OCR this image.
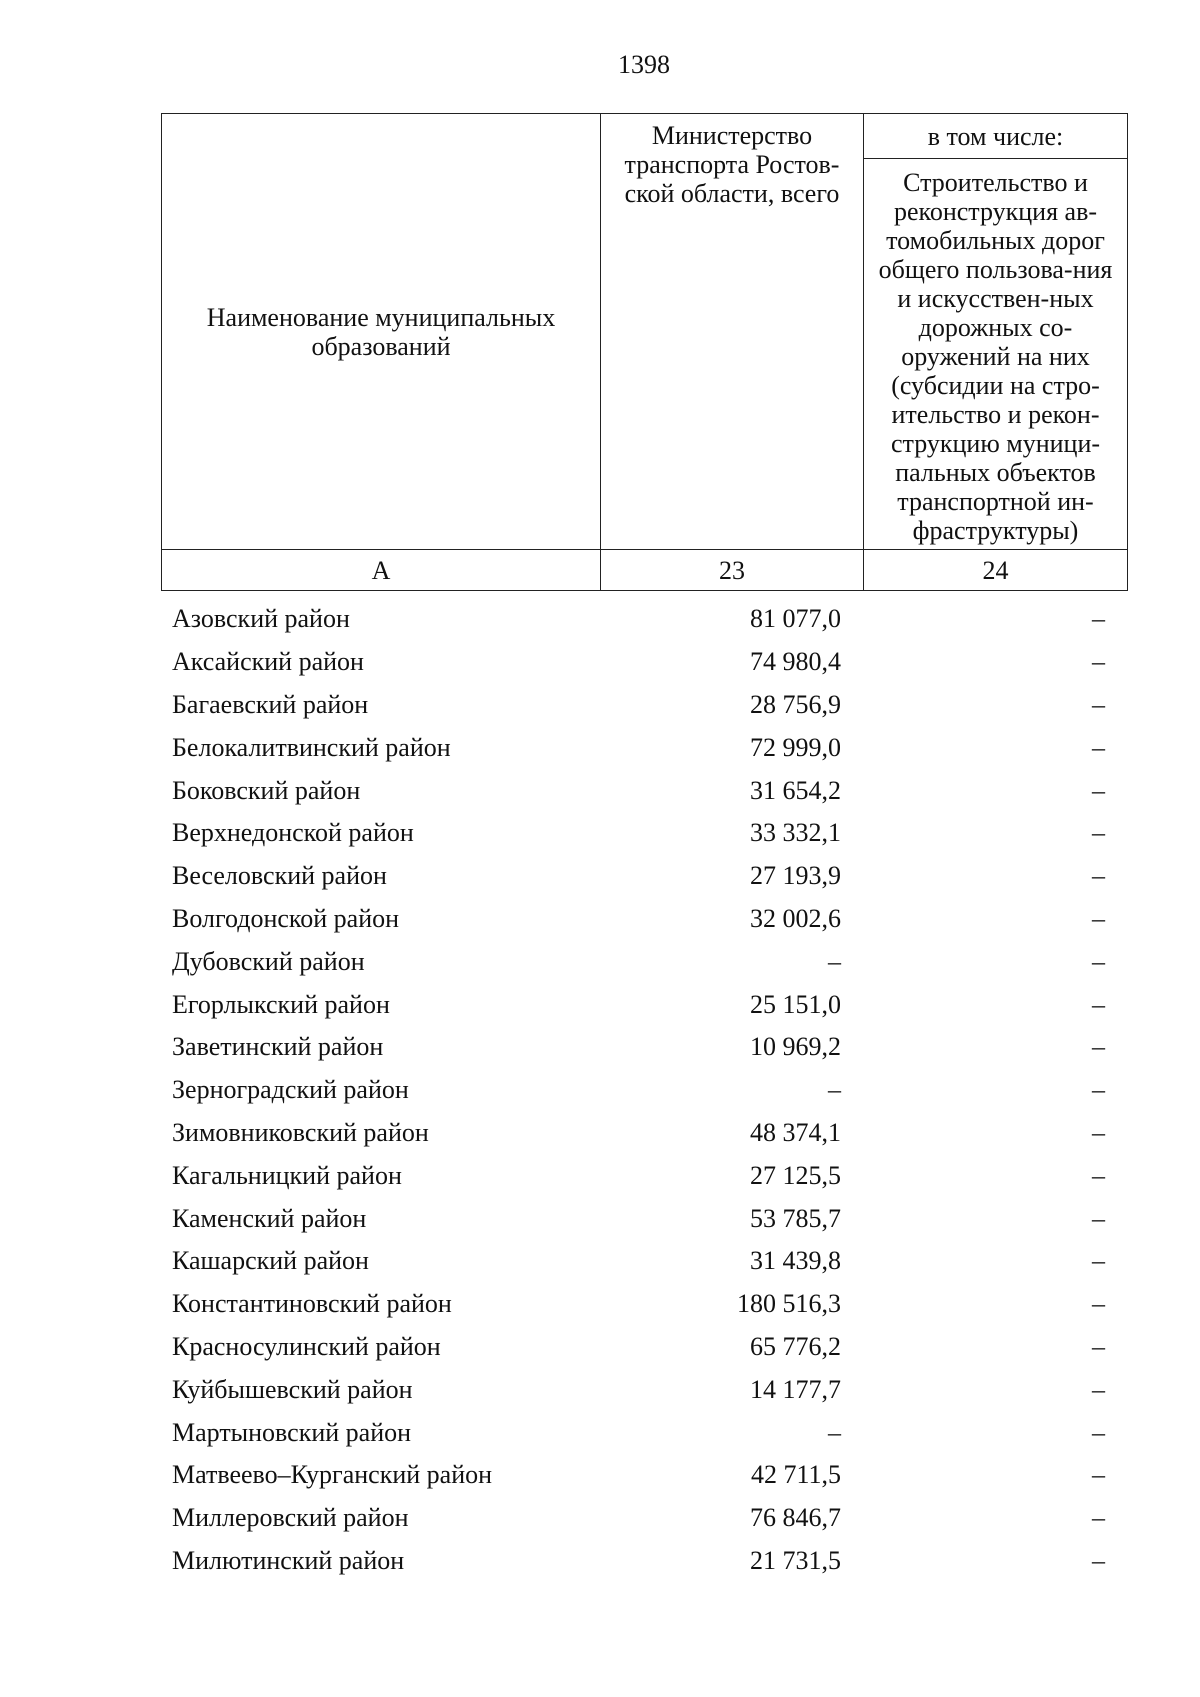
1398
Наименование муниципальных образований	Министерство транспорта Ростов-ской области, всего	в том числе:
		Строительство и реконструкция ав-томобильных дорог общего пользова-ния и искусствен-ных дорожных со-оружений на них (субсидии на стро-ительство и рекон-струкцию муници-пальных объектов транспортной ин-фраструктуры)
А	23	24
Азовский район	81 077,0	–
Аксайский район	74 980,4	–
Багаевский район	28 756,9	–
Белокалитвинский район	72 999,0	–
Боковский район	31 654,2	–
Верхнедонской район	33 332,1	–
Веселовский район	27 193,9	–
Волгодонской район	32 002,6	–
Дубовский район	–	–
Егорлыкский район	25 151,0	–
Заветинский район	10 969,2	–
Зерноградский район	–	–
Зимовниковский район	48 374,1	–
Кагальницкий район	27 125,5	–
Каменский район	53 785,7	–
Кашарский район	31 439,8	–
Константиновский район	180 516,3	–
Красносулинский район	65 776,2	–
Куйбышевский район	14 177,7	–
Мартыновский район	–	–
Матвеево–Курганский район	42 711,5	–
Миллеровский район	76 846,7	–
Милютинский район	21 731,5	–
